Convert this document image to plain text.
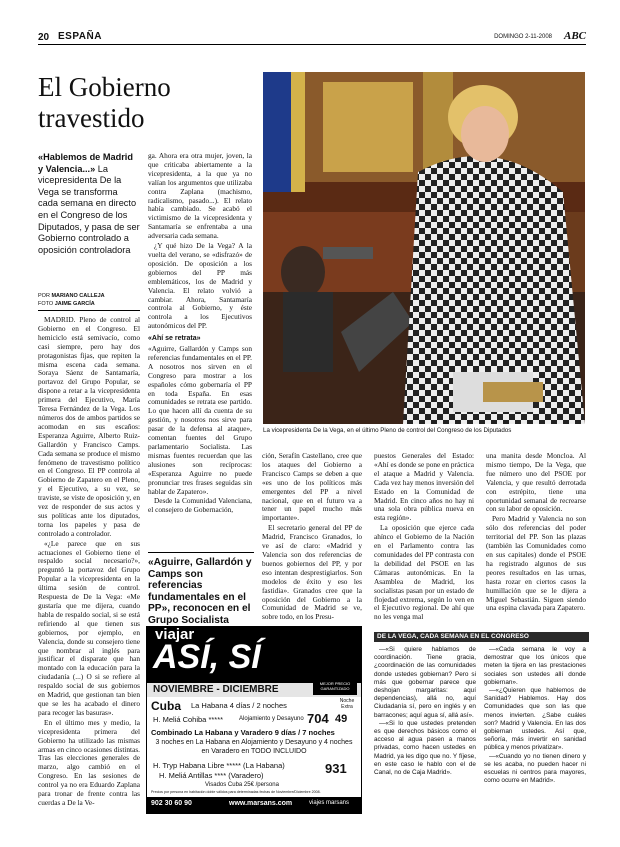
20 ESPAÑA	DOMINGO 2-11-2008 ABC
El Gobierno travestido
«Hablemos de Madrid y Valencia...» La vicepresidenta De la Vega se transforma cada semana en directo en el Congreso de los Diputados, y pasa de ser Gobierno controlado a oposición controladora
POR MARIANO CALLEJA
FOTO JAIME GARCÍA

MADRID. Pleno de control al Gobierno en el Congreso. El hemiciclo está semivacío, como casi siempre, pero hay dos protagonistas fijas, que repiten la misma escena cada semana. Soraya Sáenz de Santamaría, portavoz del Grupo Popular, se dispone a retar a la vicepresidenta primera del Ejecutivo, María Teresa Fernández de la Vega. Los números dos de ambos partidos se acomodan en sus escaños: Esperanza Aguirre, Alberto Ruiz-Gallardón y Francisco Camps. Cada semana se produce el mismo fenómeno de travestismo político en el Congreso. El PP controla al Gobierno de Zapatero en el Pleno, y el Ejecutivo, a su vez, se traviste, se viste de oposición y, en vez de responder de sus actos y sus políticas ante los diputados, torna los papeles y pasa de controlado a controlador.

«¿Le parece que en sus actuaciones el Gobierno tiene el respaldo social necesario?», preguntó la portavoz del Grupo Popular a la vicepresidenta en la última sesión de control. Respuesta de De la Vega: «Me gustaría que me dijera, cuando habla de respaldo social, si se está refiriendo al que tienen sus gobiernos, por ejemplo, en Valencia, donde su consejero tiene que nombrar al inglés para justificar el disparate que han montado con la educación para la ciudadanía (...) O si se refiere al respaldo social de sus gobiernos en Madrid, que gestionan tan bien que se les ha acabado el dinero para recoger las basuras».

En el último mes y medio, la vicepresidenta primera del Gobierno ha utilizado las mismas armas en cinco ocasiones distintas. Tras las elecciones generales de marzo, algo cambió en el Congreso. En las sesiones de control ya no era Eduardo Zaplana para tronar de frente contra las cuerdas a De la Ve-

ga. Ahora era otra mujer, joven, la que criticaba abiertamente a la vicepresidenta, a la que ya no valían los argumentos que utilizaba contra Zaplana (machismo, radicalismo, pasado...). El relato había cambiado. Se acabó el victimismo de la vicepresidenta y Santamaría se enfrentaba a una adversaria cada semana.

¿Y qué hizo De la Vega? A la vuelta del verano, se «disfrazó» de oposición. De oposición a los gobiernos del PP más emblemáticos, los de Madrid y Valencia. El relato volvió a cambiar. Ahora, Santamaría controla al Gobierno, y éste controla a los Ejecutivos autonómicos del PP.

«Ahí se retrata»

«Aguirre, Gallardón y Camps son referencias fundamentales en el PP. A nosotros nos sirven en el Congreso para mostrar a los españoles cómo gobernaría el PP en toda España. En esas comunidades se retrata ese partido. Lo que hacen allí da cuenta de su gestión, y nosotros nos sirve para pasar de la defensa al ataque», comentan fuentes del Grupo parlamentario Socialista. Las mismas fuentes recuerdan que las alusiones son recíprocas: «Esperanza Aguirre no puede pronunciar tres frases seguidas sin hablar de Zapatero».

Desde la Comunidad Valenciana, el consejero de Gobernación,

«Aguirre, Gallardón y Camps son referencias fundamentales en el PP», reconocen en el Grupo Socialista
La vicepresidenta De la Vega, en el último Pleno de control del Congreso de los Diputados

ción, Serafín Castellano, cree que los ataques del Gobierno a Francisco Camps se deben a que «es uno de los políticos más emergentes del PP a nivel nacional, que en el futuro va a tener un papel mucho más importante».

El secretario general del PP de Madrid, Francisco Granados, lo ve así de claro: «Madrid y Valencia son dos referencias de buenos gobiernos del PP, y por eso intentan desprestigiarlos. Son modelos de éxito y eso les fastidia». Granados cree que la oposición del Gobierno a la Comunidad de Madrid se ve, sobre todo, en los Presu-

puestos Generales del Estado: «Ahí es donde se pone en práctica el ataque a Madrid y Valencia. Cada vez hay menos inversión del Estado en la Comunidad de Madrid. En cinco años no hay ni una sola obra pública nueva en esta región».

La oposición que ejerce cada ahínco el Gobierno de la Nación en el Parlamento contra las comunidades del PP contrasta con la debilidad del PSOE en las Cámaras autonómicas. En la Asamblea de Madrid, los socialistas pasan por un estado de flojedad extrema, según lo ven en el Ejecutivo regional. De ahí que no les venga mal

una manita desde Moncloa. Al mismo tiempo, De la Vega, que fue número uno del PSOE por Valencia, y que resultó derrotada con estrépito, tiene una oportunidad semanal de recrearse con su labor de oposición.

Pero Madrid y Valencia no son sólo dos referencias del poder territorial del PP. Son las plazas (también las Comunidades como en sus capitales) donde el PSOE ha registrado algunos de sus peores resultados en las urnas, hasta rozar en ciertos casos la humillación que se le dijera a Miguel Sebastián. Siguen siendo una espina clavada para Zapatero.

DE LA VEGA, CADA SEMANA EN EL CONGRESO

—«Si quiere hablamos de coordinación. Tiene gracia, ¿coordinación de las comunidades donde ustedes gobiernan? Pero si más que gobernar parece que deshojan margaritas: aquí dependencias), allá no, aquí Ciudadanía sí, pero en inglés y en barracones; aquí agua sí, allá así».

—«Si lo que ustedes pretenden es que derechos básicos como el acceso al agua pasen a manos privadas, como hacen ustedes en Madrid, ya les digo que no. Y fíjese, en este caso le hablo con el de Canal, no de Caja Madrid».

—«Cada semana le voy a demostrar que los únicos que meten la tijera en las prestaciones sociales son ustedes allí donde gobiernan».

—«¿Quieren que hablemos de Sanidad? Hablemos. Hay dos Comunidades que son las que menos invierten. ¿Sabe cuáles son? Madrid y Valencia. En las dos gobiernan ustedes. Así que, señoría, más invertir en sanidad pública y menos privatizar».

—«Cuando yo no tienen dinero y se les acaba, no pueden hacer ni escuelas ni centros para mayores, como ocurre en Madrid».

viajar
ASÍ, SÍ
NOVIEMBRE - DICIEMBRE
MEJOR PRECIO GARANTIZADO
Cuba La Habana 4 días / 2 noches
H. Meliá Cohiba *****	Alojamiento y Desayuno 704
Noche Extra
49
Combinado La Habana y Varadero 9 días / 7 noches
3 noches en La Habana en Alojamiento y Desayuno y 4 noches en Varadero en TODO INCLUIDO
H. Tryp Habana Libre ***** (La Habana)
H. Meliá Antillas **** (Varadero)	931
Visados Cuba 25€ /persona
Precios por persona en habitación doble válidos para determinadas fechas de Noviembre/Diciembre 2008.
902 30 60 90	www.marsans.com	viajes marsans
